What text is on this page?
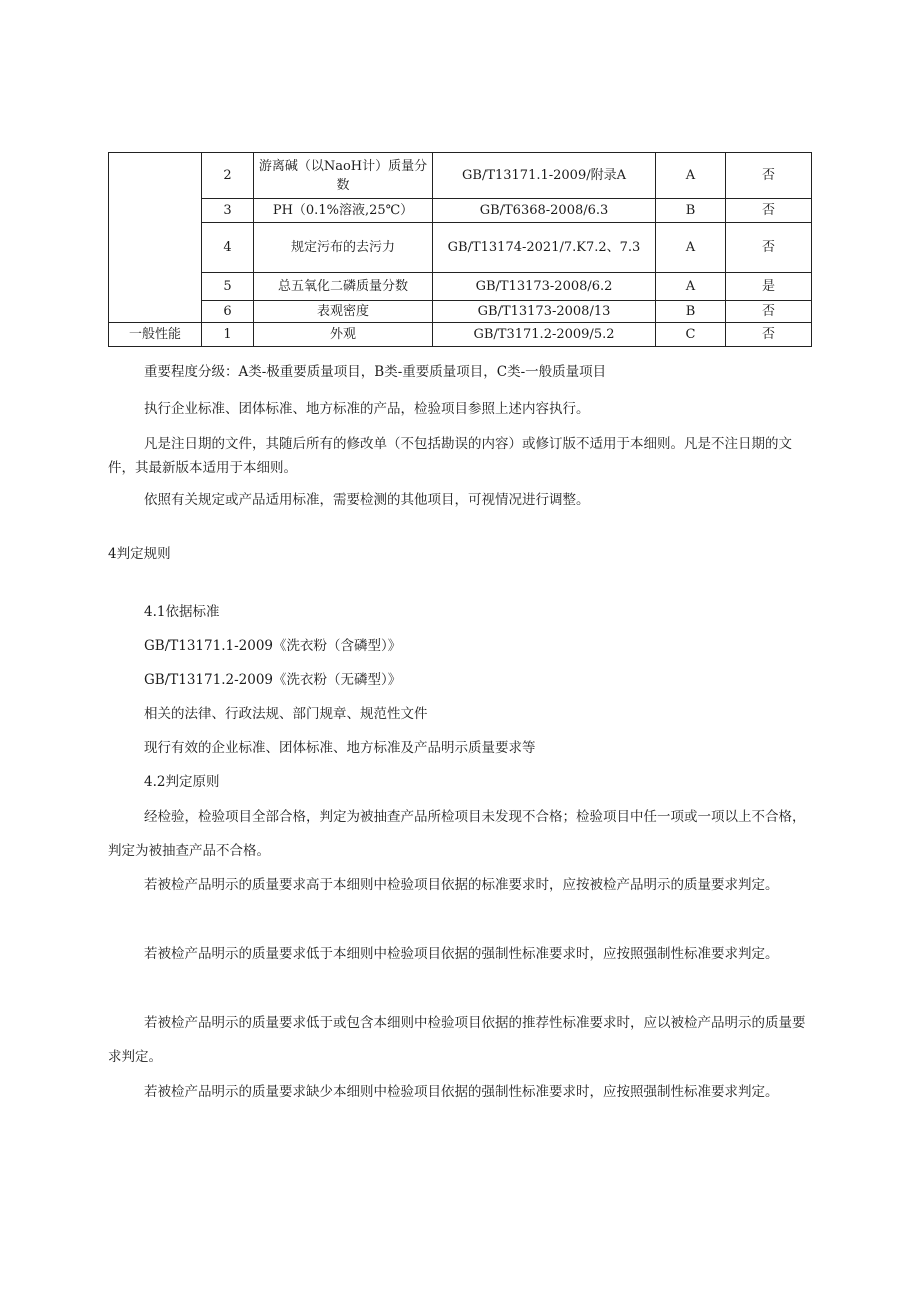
	2	游离碱（以NaoH计）质量分数	GB/T13171.1-2009/附录A	A	否
	3	PH（0.1%溶液,25℃）	GB/T6368-2008/6.3	B	否
	4	规定污布的去污力	GB/T13174-2021/7.K7.2、7.3	A	否
	5	总五氧化二磷质量分数	GB/T13173-2008/6.2	A	是
	6	表观密度	GB/T13173-2008/13	B	否
一般性能	1	外观	GB/T3171.2-2009/5.2	C	否
重要程度分级：A类-极重要质量项目，B类-重要质量项目，C类-一般质量项目
执行企业标准、团体标准、地方标准的产品，检验项目参照上述内容执行。
凡是注日期的文件，其随后所有的修改单（不包括勘误的内容）或修订版不适用于本细则。凡是不注日期的文件，其最新版本适用于本细则。
依照有关规定或产品适用标准，需要检测的其他项目，可视情况进行调整。
4判定规则
4.1依据标准
GB/T13171.1-2009《洗衣粉（含磷型）》
GB/T13171.2-2009《洗衣粉（无磷型）》
相关的法律、行政法规、部门规章、规范性文件
现行有效的企业标准、团体标准、地方标准及产品明示质量要求等
4.2判定原则
经检验，检验项目全部合格，判定为被抽查产品所检项目未发现不合格；检验项目中任一项或一项以上不合格，判定为被抽查产品不合格。
若被检产品明示的质量要求高于本细则中检验项目依据的标准要求时，应按被检产品明示的质量要求判定。
若被检产品明示的质量要求低于本细则中检验项目依据的强制性标准要求时，应按照强制性标准要求判定。
若被检产品明示的质量要求低于或包含本细则中检验项目依据的推荐性标准要求时，应以被检产品明示的质量要求判定。
若被检产品明示的质量要求缺少本细则中检验项目依据的强制性标准要求时，应按照强制性标准要求判定。
